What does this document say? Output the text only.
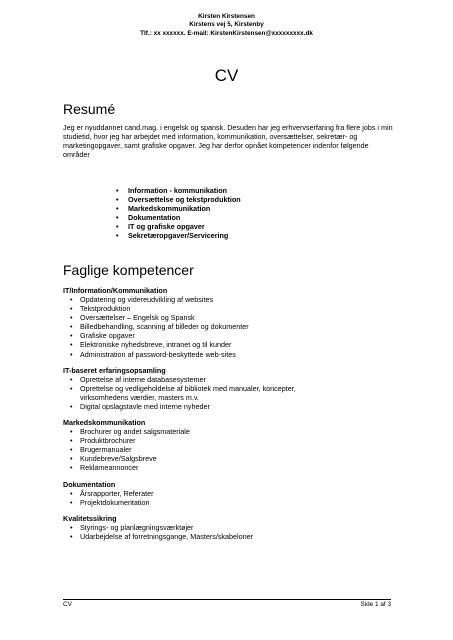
Kirsten Kirstensen
Kirstens vej 5, Kirstenby
Tlf.: xx xxxxxx. E-mail: KirstenKirstensen@xxxxxxxxx.dk
CV
Resumé
Jeg er nyuddannet cand.mag. i engelsk og spansk. Desuden har jeg erhvervserfaring fra flere jobs i min studietid, hvor jeg har arbejdet med information, kommunikation, oversættelser, sekretær- og marketingopgaver, samt grafiske opgaver. Jeg har derfor opnået kompetencer indenfor følgende områder
• Information - kommunikation
• Oversættelse og tekstproduktion
• Markedskommunikation
• Dokumentation
• IT og grafiske opgaver
• Sekretæropgaver/Servicering
Faglige kompetencer
IT/Information/Kommunikation
• Opdatering og videreudvikling af websites
• Tekstproduktion
• Oversættelser – Engelsk og Spansk
• Billedbehandling, scanning af billeder og dokumenter
• Grafiske opgaver
• Elektroniske nyhedsbreve, intranet og til kunder
• Administration af password-beskyttede web-sites
IT-baseret erfaringsopsamling
• Oprettelse af interne databasesystemer
• Oprettelse og vedligeholdelse af bibliotek med manualer, koncepter,
virksomhedens værdier, masters m.v.
• Digital opslagstavle med interne nyheder
Markedskommunikation
• Brochurer og andet salgsmateriale
• Produktbrochurer
• Brugermanualer
• Kundebreve/Salgsbreve
• Reklameannoncer
Dokumentation
• Årsrapporter, Referater
• Projektdokumentation
Kvalitetssikring
• Styrings- og planlægningsværktøjer
• Udarbejdelse af forretningsgange, Masters/skabeloner
CV	Side 1 af 3
